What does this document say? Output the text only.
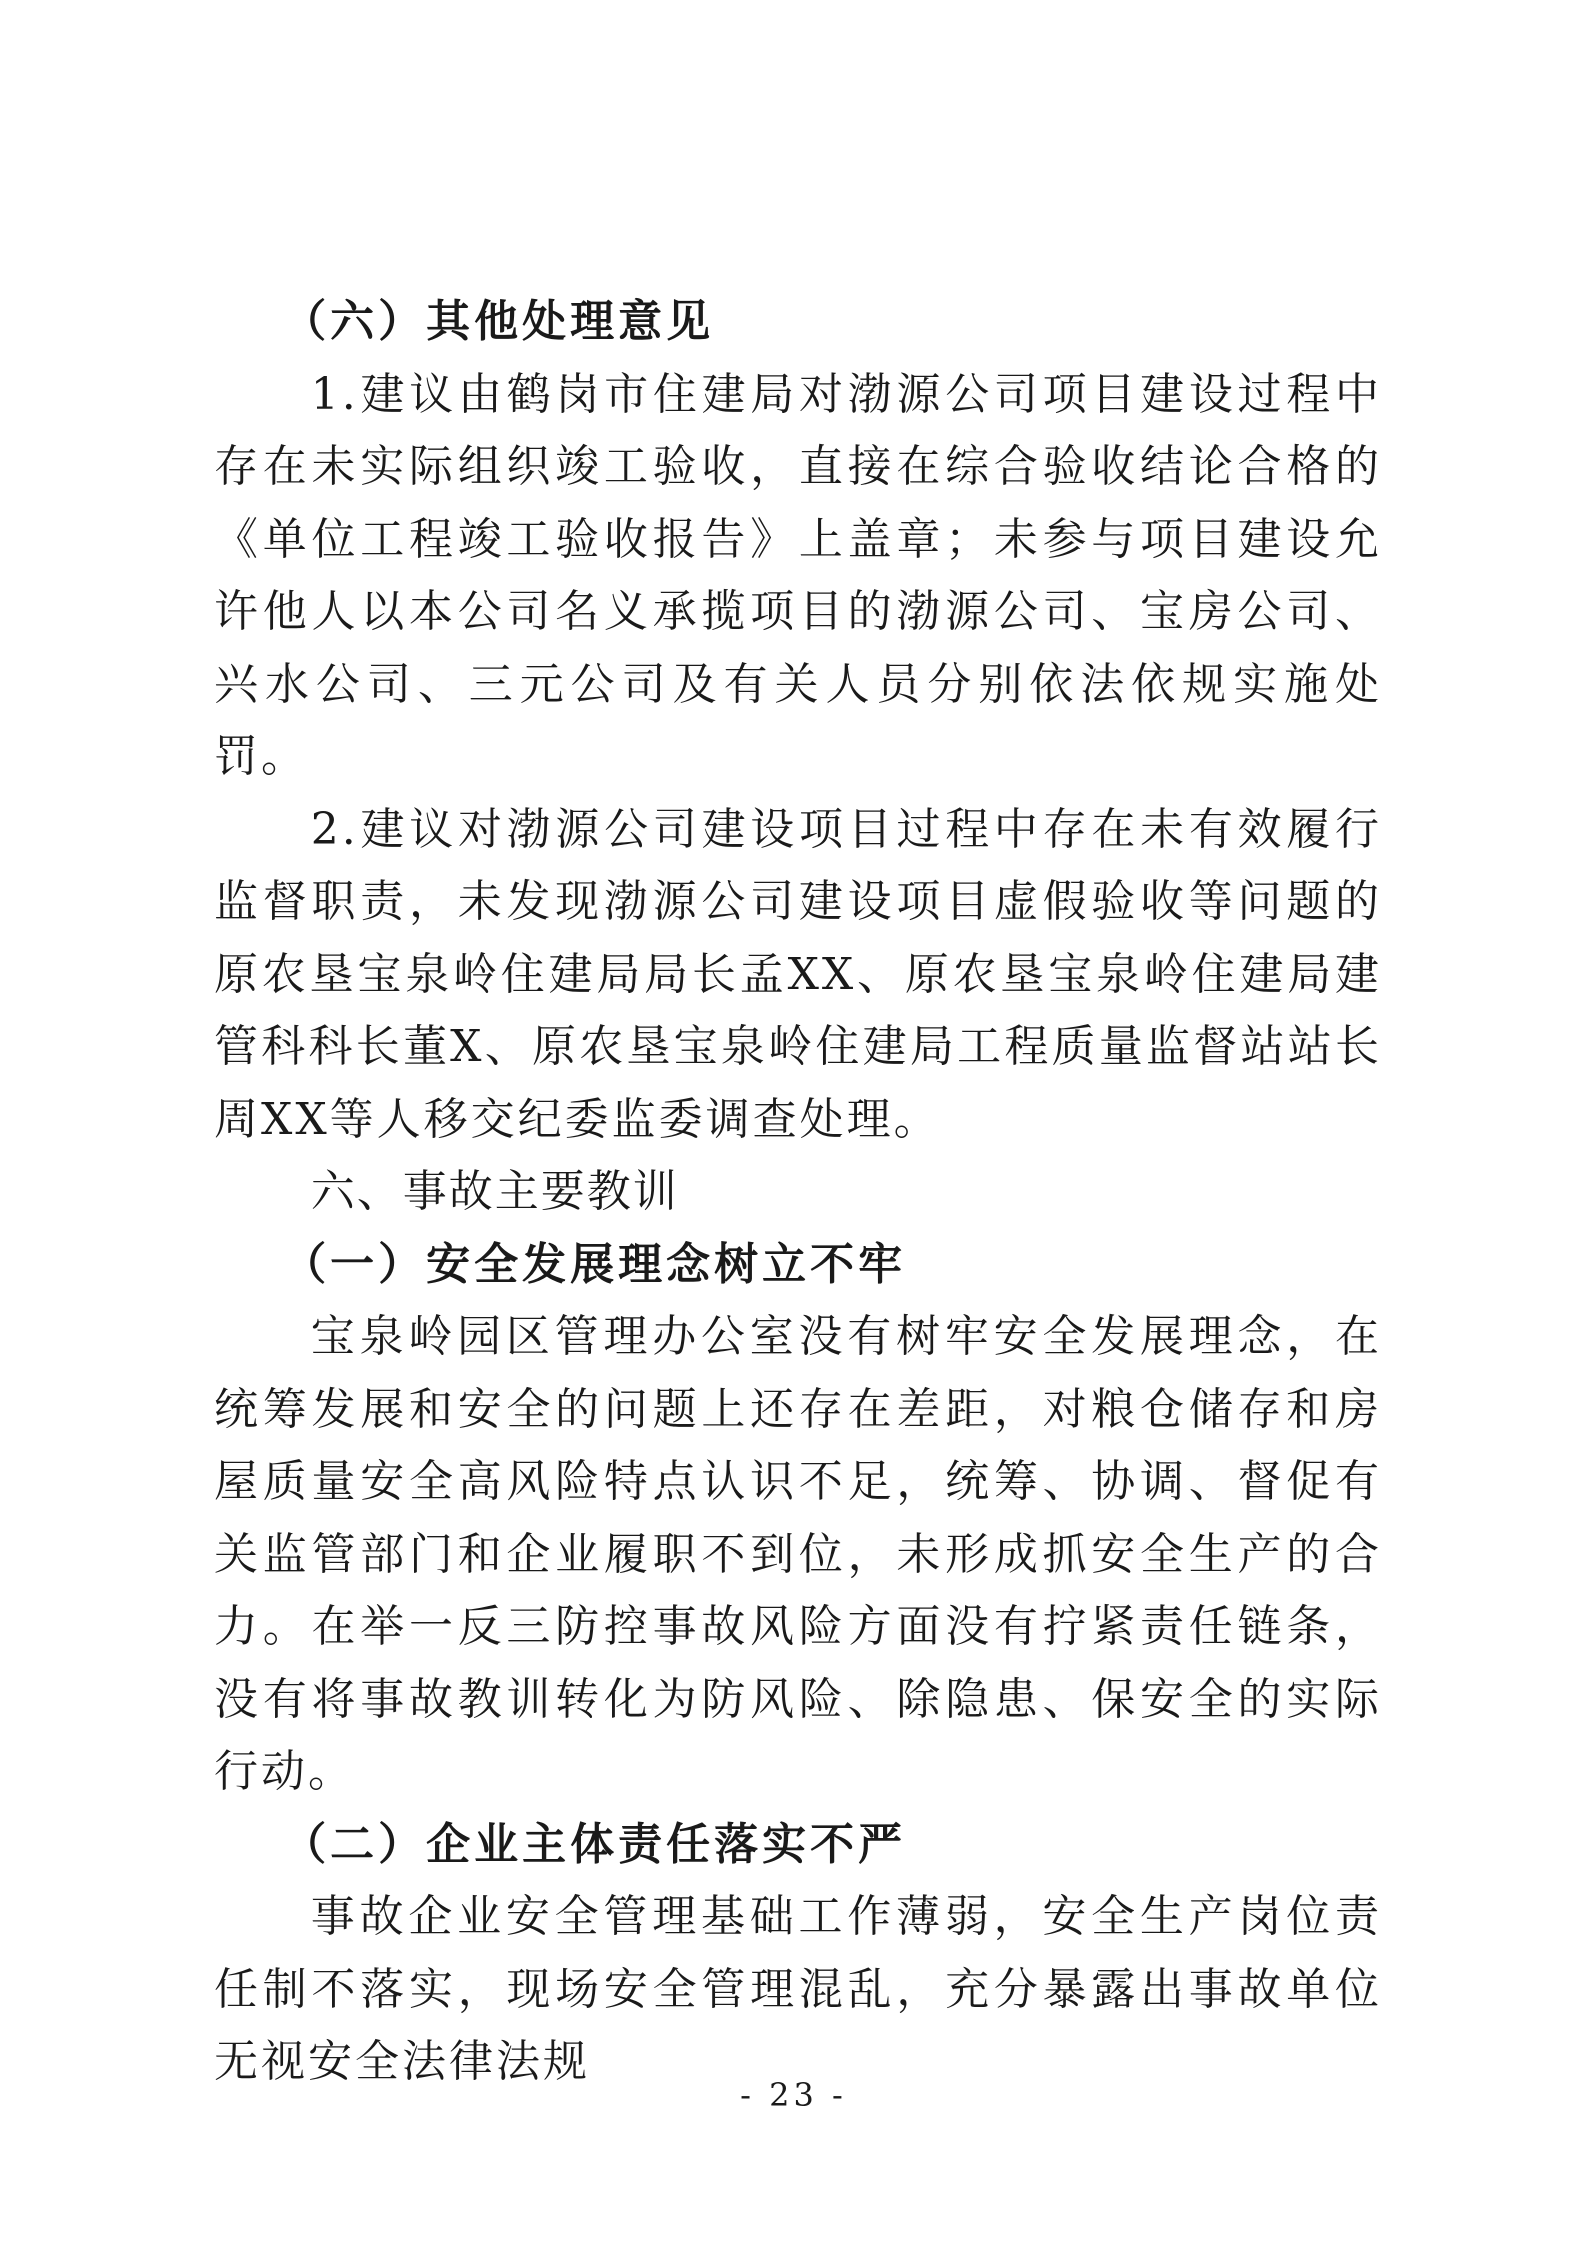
（六）其他处理意见

1.建议由鹤岗市住建局对渤源公司项目建设过程中存在未实际组织竣工验收，直接在综合验收结论合格的《单位工程竣工验收报告》上盖章；未参与项目建设允许他人以本公司名义承揽项目的渤源公司、宝房公司、兴水公司、三元公司及有关人员分别依法依规实施处罚。

2.建议对渤源公司建设项目过程中存在未有效履行监督职责，未发现渤源公司建设项目虚假验收等问题的原农垦宝泉岭住建局局长孟XX、原农垦宝泉岭住建局建管科科长董X、原农垦宝泉岭住建局工程质量监督站站长周XX等人移交纪委监委调查处理。

六、事故主要教训

（一）安全发展理念树立不牢

宝泉岭园区管理办公室没有树牢安全发展理念，在统筹发展和安全的问题上还存在差距，对粮仓储存和房屋质量安全高风险特点认识不足，统筹、协调、督促有关监管部门和企业履职不到位，未形成抓安全生产的合力。在举一反三防控事故风险方面没有拧紧责任链条，没有将事故教训转化为防风险、除隐患、保安全的实际行动。

（二）企业主体责任落实不严

事故企业安全管理基础工作薄弱，安全生产岗位责任制不落实，现场安全管理混乱，充分暴露出事故单位无视安全法律法规

- 23 -
